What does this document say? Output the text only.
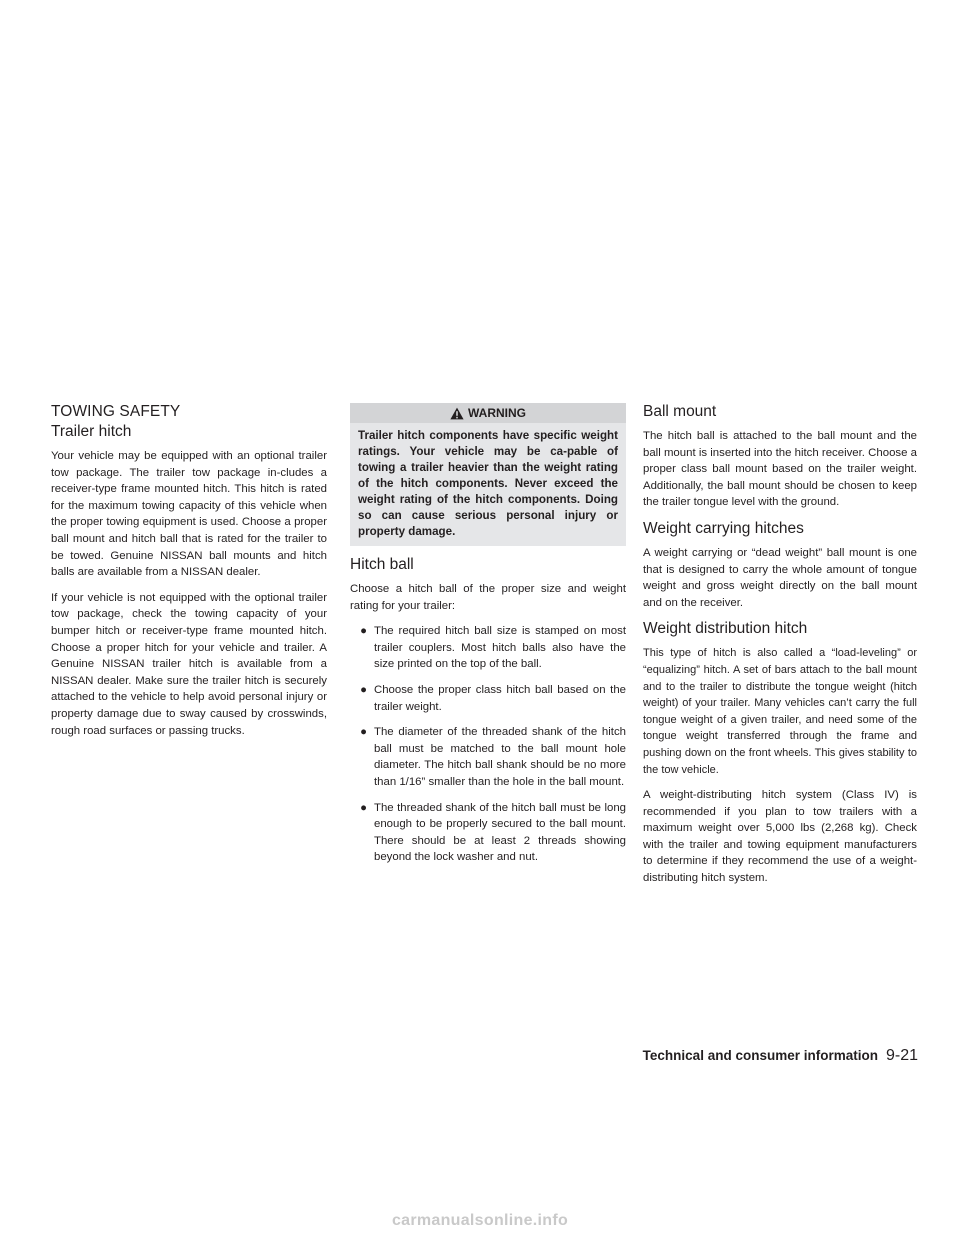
TOWING SAFETY
Trailer hitch

Your vehicle may be equipped with an optional trailer tow package. The trailer tow package in-cludes a receiver-type frame mounted hitch. This hitch is rated for the maximum towing capacity of this vehicle when the proper towing equipment is used. Choose a proper ball mount and hitch ball that is rated for the trailer to be towed. Genuine NISSAN ball mounts and hitch balls are available from a NISSAN dealer.

If your vehicle is not equipped with the optional trailer tow package, check the towing capacity of your bumper hitch or receiver-type frame mounted hitch. Choose a proper hitch for your vehicle and trailer. A Genuine NISSAN trailer hitch is available from a NISSAN dealer. Make sure the trailer hitch is securely attached to the vehicle to help avoid personal injury or property damage due to sway caused by crosswinds, rough road surfaces or passing trucks.

WARNING

Trailer hitch components have specific weight ratings. Your vehicle may be ca-pable of towing a trailer heavier than the weight rating of the hitch components. Never exceed the weight rating of the hitch components. Doing so can cause serious personal injury or property damage.

Hitch ball

Choose a hitch ball of the proper size and weight rating for your trailer:

● The required hitch ball size is stamped on most trailer couplers. Most hitch balls also have the size printed on the top of the ball.
● Choose the proper class hitch ball based on the trailer weight.
● The diameter of the threaded shank of the hitch ball must be matched to the ball mount hole diameter. The hitch ball shank should be no more than 1/16” smaller than the hole in the ball mount.
● The threaded shank of the hitch ball must be long enough to be properly secured to the ball mount. There should be at least 2 threads showing beyond the lock washer and nut.
Ball mount

The hitch ball is attached to the ball mount and the ball mount is inserted into the hitch receiver. Choose a proper class ball mount based on the trailer weight. Additionally, the ball mount should be chosen to keep the trailer tongue level with the ground.

Weight carrying hitches

A weight carrying or “dead weight” ball mount is one that is designed to carry the whole amount of tongue weight and gross weight directly on the ball mount and on the receiver.

Weight distribution hitch

This type of hitch is also called a “load-leveling” or “equalizing” hitch. A set of bars attach to the ball mount and to the trailer to distribute the tongue weight (hitch weight) of your trailer. Many vehicles can’t carry the full tongue weight of a given trailer, and need some of the tongue weight transferred through the frame and pushing down on the front wheels. This gives stability to the tow vehicle.

A weight-distributing hitch system (Class IV) is recommended if you plan to tow trailers with a maximum weight over 5,000 lbs (2,268 kg). Check with the trailer and towing equipment manufacturers to determine if they recommend the use of a weight-distributing hitch system.

Technical and consumer information 9-21
carmanualsonline.info
